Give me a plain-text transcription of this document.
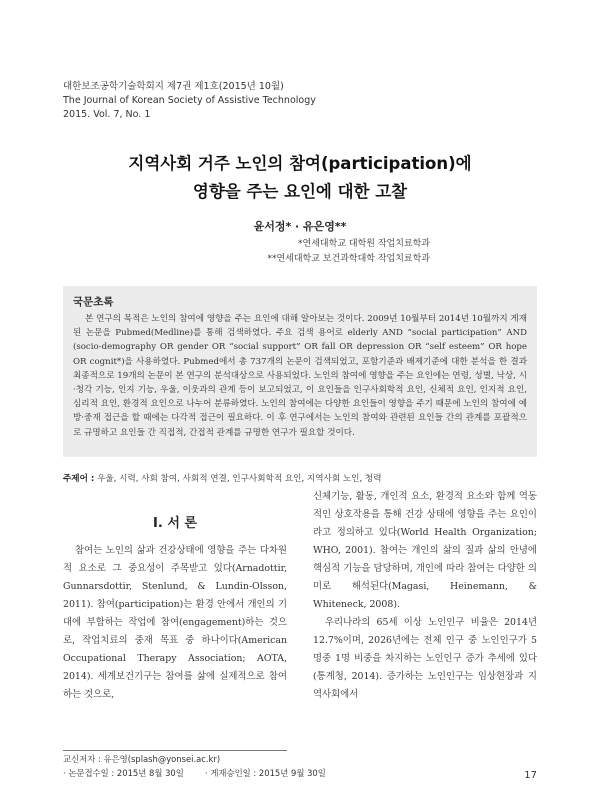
대한보조공학기술학회지 제7권 제1호(2015년 10월)
The Journal of Korean Society of Assistive Technology
2015. Vol. 7, No. 1
지역사회 거주 노인의 참여(participation)에
영향을 주는 요인에 대한 고찰
윤서정* · 유은영**
*연세대학교 대학원 작업치료학과
**연세대학교 보건과학대학 작업치료학과
국문초록
본 연구의 목적은 노인의 참여에 영향을 주는 요인에 대해 알아보는 것이다. 2009년 10월부터 2014년 10월까지 게재된 논문을 Pubmed(Medline)를 통해 검색하였다. 주요 검색 용어로 elderly AND “social participation” AND (socio-demography OR gender OR “social support” OR fall OR depression OR “self esteem” OR hope OR cognit*)을 사용하였다. Pubmed에서 총 737개의 논문이 검색되었고, 포함기준과 배제기준에 대한 분석을 한 결과 최종적으로 19개의 논문이 본 연구의 분석대상으로 사용되었다. 노인의 참여에 영향을 주는 요인에는 연령, 성별, 낙상, 시·청각 기능, 인지 기능, 우울, 이웃과의 관계 등이 보고되었고, 이 요인들을 인구사회학적 요인, 신체적 요인, 인지적 요인, 심리적 요인, 환경적 요인으로 나누어 분류하였다. 노인의 참여에는 다양한 요인들이 영향을 주기 때문에 노인의 참여에 예방·중재 접근을 할 때에는 다각적 접근이 필요하다. 이 후 연구에서는 노인의 참여와 관련된 요인들 간의 관계를 포괄적으로 규명하고 요인들 간 직접적, 간접적 관계를 규명한 연구가 필요할 것이다.
주제어 : 우울, 시력, 사회 참여, 사회적 연결, 인구사회학적 요인, 지역사회 노인, 청력
I. 서 론
참여는 노인의 삶과 건강상태에 영향을 주는 다차원적 요소로 그 중요성이 주목받고 있다(Arnadottir, Gunnarsdottir, Stenlund, & Lundin-Olsson, 2011). 참여(participation)는 환경 안에서 개인의 기대에 부합하는 작업에 참여(engagement)하는 것으로, 작업치료의 중재 목표 중 하나이다(American Occupational Therapy Association; AOTA, 2014). 세계보건기구는 참여를 삶에 실제적으로 참여하는 것으로,

신체기능, 활동, 개인적 요소, 환경적 요소와 함께 역동적인 상호작용을 통해 건강 상태에 영향을 주는 요인이라고 정의하고 있다(World Health Organization; WHO, 2001). 참여는 개인의 삶의 질과 삶의 안녕에 핵심적 기능을 담당하며, 개인에 따라 참여는 다양한 의미로 해석된다(Magasi, Heinemann, & Whiteneck, 2008).

우리나라의 65세 이상 노인인구 비율은 2014년 12.7%이며, 2026년에는 전체 인구 중 노인인구가 5명중 1명 비중을 차지하는 노인인구 증가 추세에 있다(통계청, 2014). 증가하는 노인인구는 임상현장과 지역사회에서

교신저자 : 유은영(splash@yonsei.ac.kr)
· 논문접수일 : 2015년 8월 30일	· 게재승인일 : 2015년 9월 30일	17
